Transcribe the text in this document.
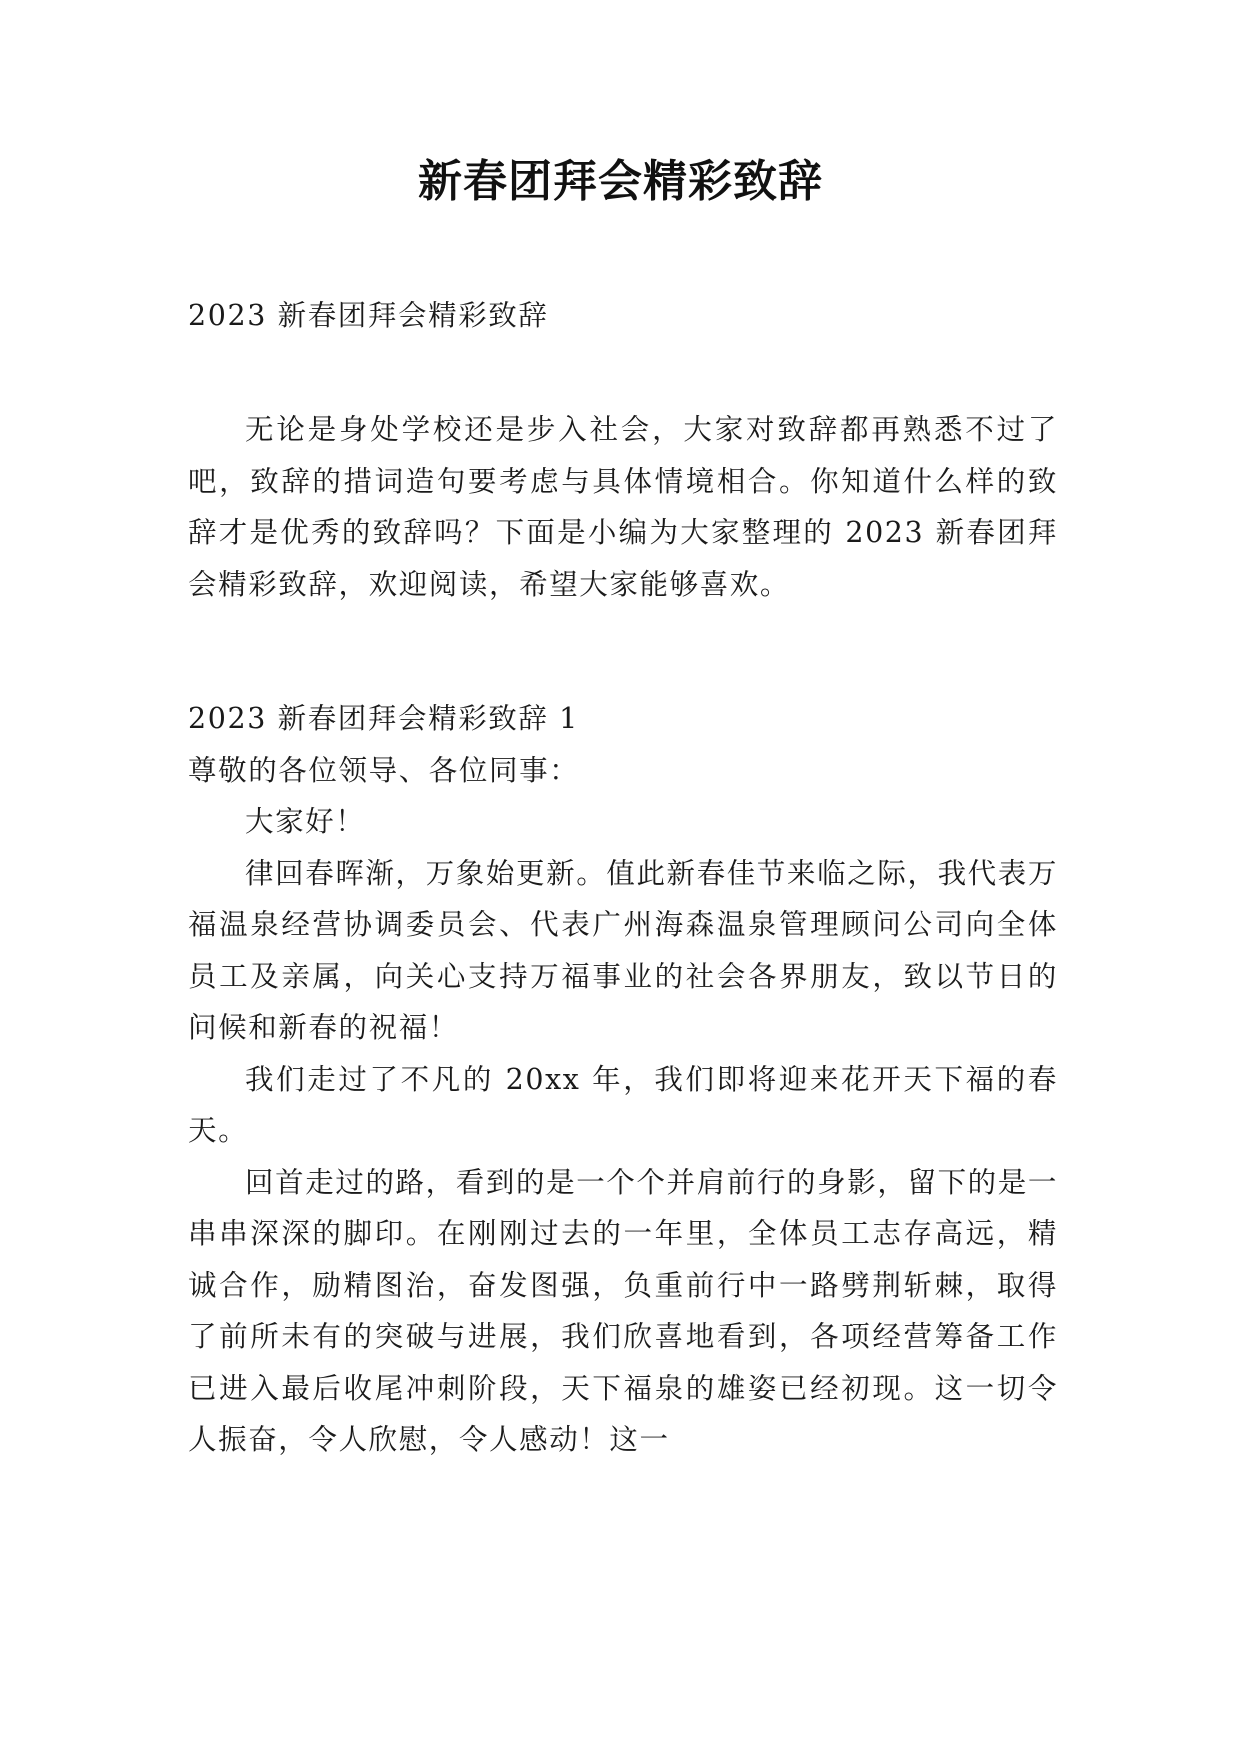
新春团拜会精彩致辞
2023 新春团拜会精彩致辞

无论是身处学校还是步入社会，大家对致辞都再熟悉不过了吧，致辞的措词造句要考虑与具体情境相合。你知道什么样的致辞才是优秀的致辞吗？下面是小编为大家整理的 2023 新春团拜会精彩致辞，欢迎阅读，希望大家能够喜欢。

2023 新春团拜会精彩致辞 1

尊敬的各位领导、各位同事：

大家好！

律回春晖渐，万象始更新。值此新春佳节来临之际，我代表万福温泉经营协调委员会、代表广州海森温泉管理顾问公司向全体员工及亲属，向关心支持万福事业的社会各界朋友，致以节日的问候和新春的祝福！

我们走过了不凡的 20xx 年，我们即将迎来花开天下福的春天。

回首走过的路，看到的是一个个并肩前行的身影，留下的是一串串深深的脚印。在刚刚过去的一年里，全体员工志存高远，精诚合作，励精图治，奋发图强，负重前行中一路劈荆斩棘，取得了前所未有的突破与进展，我们欣喜地看到，各项经营筹备工作已进入最后收尾冲刺阶段，天下福泉的雄姿已经初现。这一切令人振奋，令人欣慰，令人感动！这一
